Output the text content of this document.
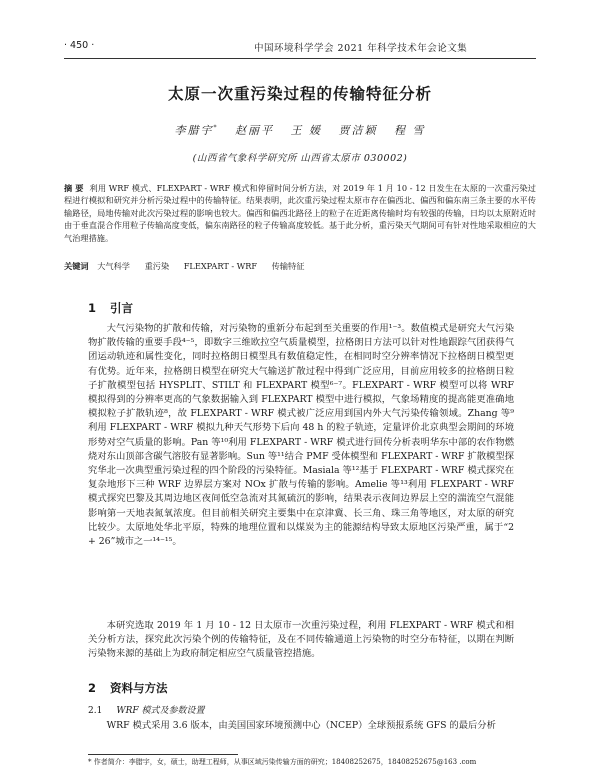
· 450 ·	中国环境科学学会 2021 年科学技术年会论文集
太原一次重污染过程的传输特征分析
李腊宇* 赵丽平 王 媛 贾洁颖 程 雪
(山西省气象科学研究所 山西省太原市 030002)
摘 要 利用 WRF 模式、FLEXPART - WRF 模式和停留时间分析方法，对 2019 年 1 月 10 - 12 日发生在太原的一次重污染过程进行模拟和研究并分析污染过程中的传输特征。结果表明，此次重污染过程太原市存在偏西北、偏西和偏东南三条主要的水平传输路径，局地传输对此次污染过程的影响也较大。偏西和偏西北路径上的粒子在近距离传输时均有较强的传输，日均以太原附近时由于垂直混合作用粒子传输高度变低，偏东南路径的粒子传输高度较低。基于此分析，重污染天气期间可有针对性地采取相应的大气治理措施。
关键词 大气科学 重污染 FLEXPART - WRF 传输特征
1 引言
大气污染物的扩散和传输，对污染物的重新分布起到至关重要的作用¹⁻³。数值模式是研究大气污染物扩散传输的重要手段⁴⁻⁵，即数字三维欧拉空气质量模型，拉格朗日方法可以针对性地跟踪气团获得气团运动轨迹和属性变化，同时拉格朗日模型具有数值稳定性，在相同时空分辨率情况下拉格朗日模型更有优势。近年来，拉格朗日模型在研究大气输送扩散过程中得到广泛应用，目前应用较多的拉格朗日粒子扩散模型包括 HYSPLIT、STILT 和 FLEXPART 模型⁶⁻⁷。FLEXPART - WRF 模型可以将 WRF 模拟得到的分辨率更高的气象数据输入到 FLEXPART 模型中进行模拟，气象场精度的提高能更准确地模拟粒子扩散轨迹⁸，故 FLEXPART - WRF 模式被广泛应用到国内外大气污染传输领域。Zhang 等⁹利用 FLEXPART - WRF 模拟九种天气形势下后向 48 h 的粒子轨迹，定量评价北京典型会期间的环境形势对空气质量的影响。Pan 等¹⁰利用 FLEXPART - WRF 模式进行回传分析表明华东中部的农作物燃烧对东山顶部含碳气溶胶有显著影响。Sun 等¹¹结合 PMF 受体模型和 FLEXPART - WRF 扩散模型探究华北一次典型重污染过程的四个阶段的污染特征。Masiala 等¹²基于 FLEXPART - WRF 模式探究在复杂地形下三种 WRF 边界层方案对 NOx 扩散与传输的影响。Amelie 等¹³利用 FLEXPART - WRF 模式探究巴黎及其周边地区夜间低空急流对其氮硫沉的影响，结果表示夜间边界层上空的湍流空气混能影响第一天地表氮氧浓度。但目前相关研究主要集中在京津冀、长三角、珠三角等地区，对太原的研究比较少。太原地处华北平原，特殊的地理位置和以煤炭为主的能源结构导致太原地区污染严重，属于“2 + 26”城市之一¹⁴⁻¹⁵。
本研究选取 2019 年 1 月 10 - 12 日太原市一次重污染过程，利用 FLEXPART - WRF 模式和相关分析方法，探究此次污染个例的传输特征，及在不同传输通道上污染物的时空分布特征，以期在判断污染物来源的基础上为政府制定相应空气质量管控措施。
2 资料与方法
2.1 WRF 模式及参数设置
WRF 模式采用 3.6 版本，由美国国家环境预测中心（NCEP）全球预报系统 GFS 的最后分析
* 作者简介：李腊宇，女，硕士，助理工程师，从事区域污染传输方面的研究；18408252675，18408252675@163 .com
